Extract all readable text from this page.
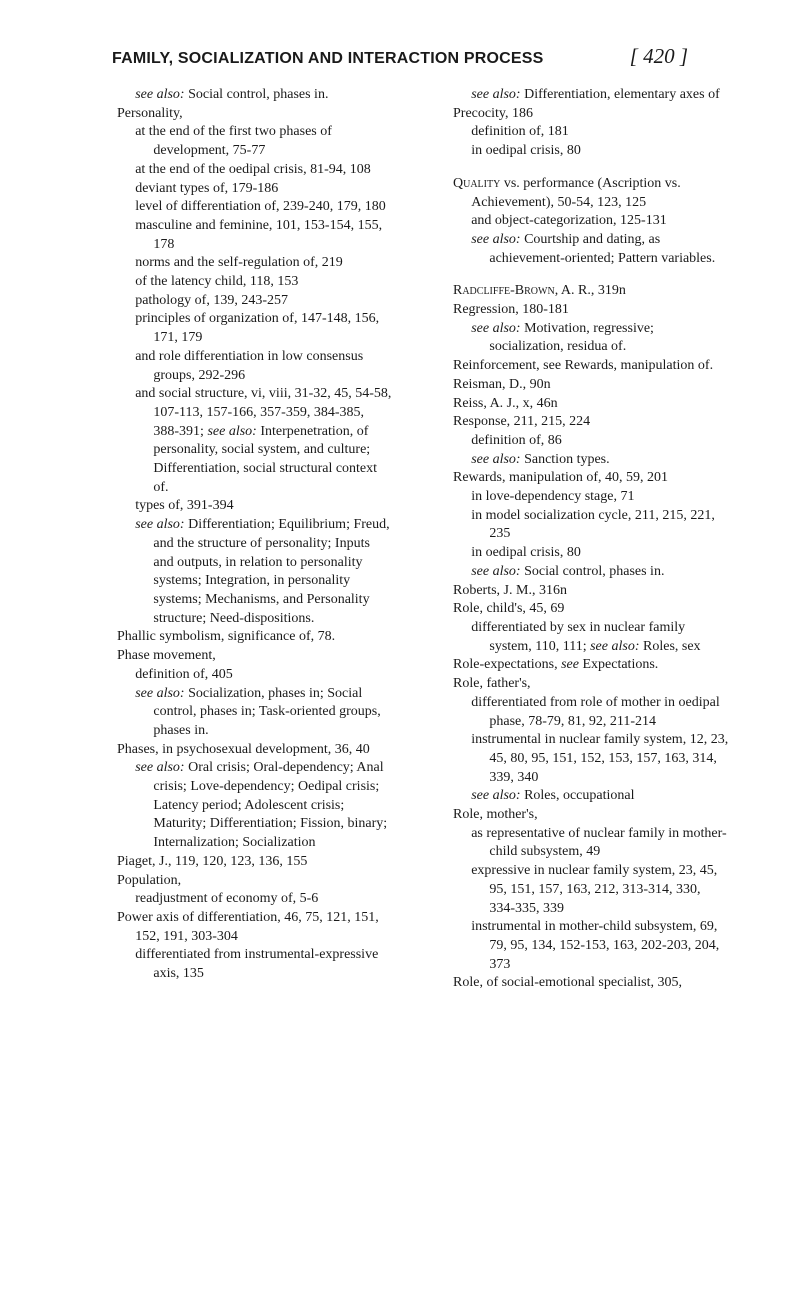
FAMILY, SOCIALIZATION AND INTERACTION PROCESS	[ 420 ]
see also: Social control, phases in.
Personality,
at the end of the first two phases of development, 75-77
at the end of the oedipal crisis, 81-94, 108
deviant types of, 179-186
level of differentiation of, 239-240, 179, 180
masculine and feminine, 101, 153-154, 155, 178
norms and the self-regulation of, 219
of the latency child, 118, 153
pathology of, 139, 243-257
principles of organization of, 147-148, 156, 171, 179
and role differentiation in low consensus groups, 292-296
and social structure, vi, viii, 31-32, 45, 54-58, 107-113, 157-166, 357-359, 384-385, 388-391; see also: Interpenetration, of personality, social system, and culture; Differentiation, social structural context of.
types of, 391-394
see also: Differentiation; Equilibrium; Freud, and the structure of personality; Inputs and outputs, in relation to personality systems; Integration, in personality systems; Mechanisms, and Personality structure; Need-dispositions.
Phallic symbolism, significance of, 78.
Phase movement,
definition of, 405
see also: Socialization, phases in; Social control, phases in; Task-oriented groups, phases in.
Phases, in psychosexual development, 36, 40
see also: Oral crisis; Oral-dependency; Anal crisis; Love-dependency; Oedipal crisis; Latency period; Adolescent crisis; Maturity; Differentiation; Fission, binary; Internalization; Socialization
Piaget, J., 119, 120, 123, 136, 155
Population,
readjustment of economy of, 5-6
Power axis of differentiation, 46, 75, 121, 151, 152, 191, 303-304
differentiated from instrumental-expressive axis, 135
see also: Differentiation, elementary axes of
Precocity, 186
definition of, 181
in oedipal crisis, 80
Quality vs. performance (Ascription vs. Achievement), 50-54, 123, 125
and object-categorization, 125-131
see also: Courtship and dating, as achievement-oriented; Pattern variables.
Radcliffe-Brown, A. R., 319n
Regression, 180-181
see also: Motivation, regressive; socialization, residua of.
Reinforcement, see Rewards, manipulation of.
Reisman, D., 90n
Reiss, A. J., x, 46n
Response, 211, 215, 224
definition of, 86
see also: Sanction types.
Rewards, manipulation of, 40, 59, 201
in love-dependency stage, 71
in model socialization cycle, 211, 215, 221, 235
in oedipal crisis, 80
see also: Social control, phases in.
Roberts, J. M., 316n
Role, child's, 45, 69
differentiated by sex in nuclear family system, 110, 111; see also: Roles, sex
Role-expectations, see Expectations.
Role, father's,
differentiated from role of mother in oedipal phase, 78-79, 81, 92, 211-214
instrumental in nuclear family system, 12, 23, 45, 80, 95, 151, 152, 153, 157, 163, 314, 339, 340
see also: Roles, occupational
Role, mother's,
as representative of nuclear family in mother-child subsystem, 49
expressive in nuclear family system, 23, 45, 95, 151, 157, 163, 212, 313-314, 330, 334-335, 339
instrumental in mother-child subsystem, 69, 79, 95, 134, 152-153, 163, 202-203, 204, 373
Role, of social-emotional specialist, 305,
